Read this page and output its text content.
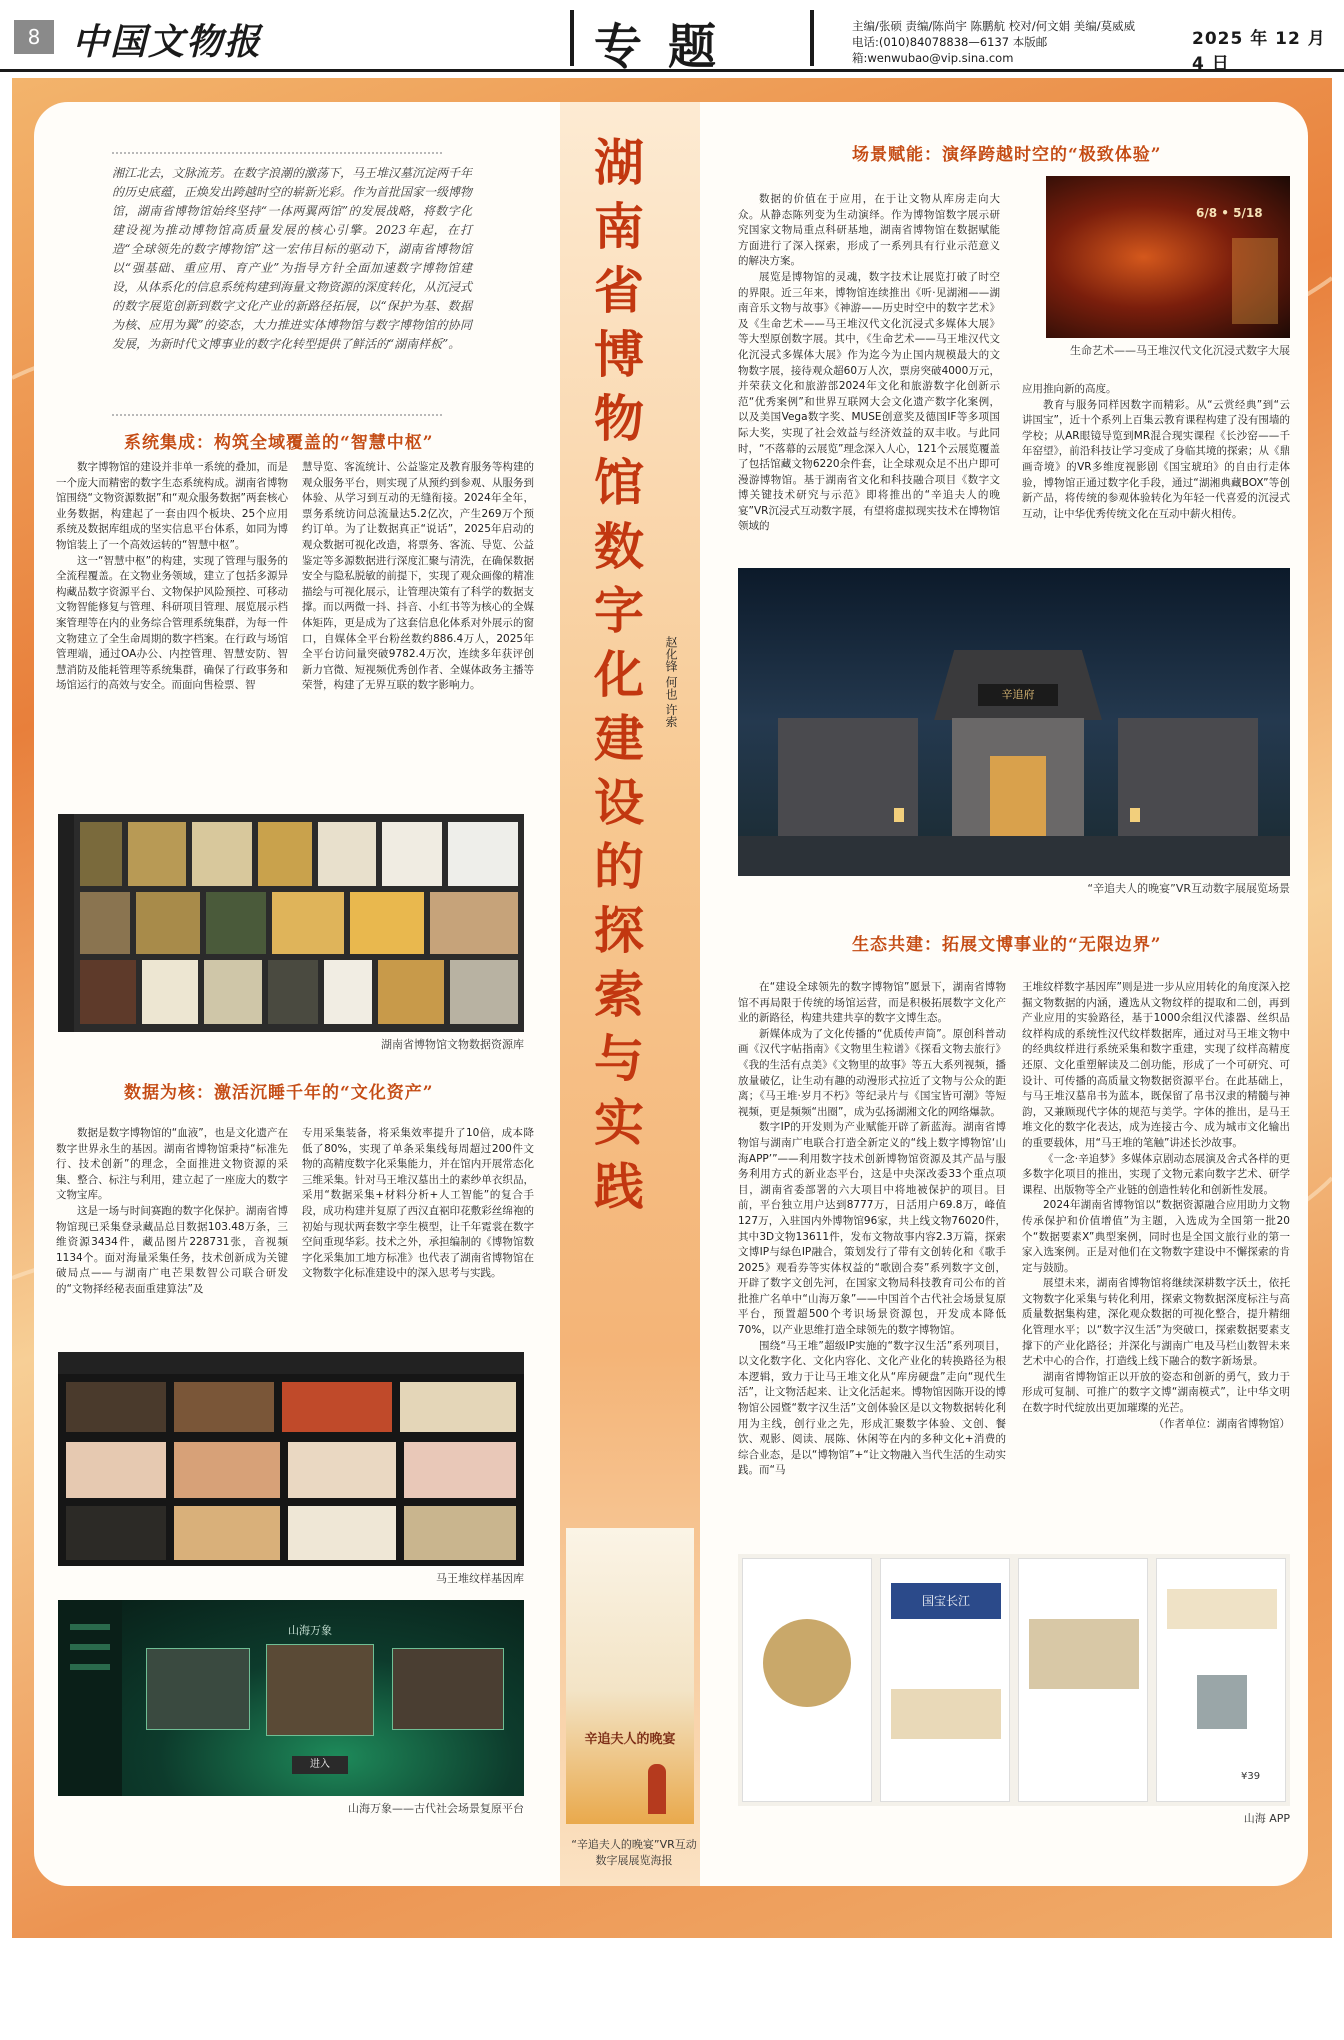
8 中国文物报	专题	主编/张硕 责编/陈尚宇 陈鹏航 校对/何文娟 美编/莫威威
电话:(010)84078838—6137 本版邮箱:wenwubao@vip.sina.com
2025 年 12 月 4 日
湖南省博物馆数字化建设的探索与实践	赵化锋 何也 许索
湘江北去，文脉流芳。在数字浪潮的激荡下，马王堆汉墓沉淀两千年的历史底蕴，正焕发出跨越时空的崭新光彩。作为首批国家一级博物馆，湖南省博物馆始终坚持“一体两翼两馆”的发展战略，将数字化建设视为推动博物馆高质量发展的核心引擎。2023年起，在打造“全球领先的数字博物馆”这一宏伟目标的驱动下，湖南省博物馆以“强基础、重应用、育产业”为指导方针全面加速数字博物馆建设，从体系化的信息系统构建到海量文物资源的深度转化，从沉浸式的数字展览创新到数字文化产业的新路径拓展，以“保护为基、数据为核、应用为翼”的姿态，大力推进实体博物馆与数字博物馆的协同发展，为新时代文博事业的数字化转型提供了鲜活的“湖南样板”。
系统集成：构筑全域覆盖的“智慧中枢”

数字博物馆的建设并非单一系统的叠加，而是一个庞大而精密的数字生态系统构成。湖南省博物馆围绕“文物资源数据”和“观众服务数据”两套核心业务数据，构建起了一套由四个板块、25个应用系统及数据库组成的坚实信息平台体系，如同为博物馆装上了一个高效运转的“智慧中枢”。

这一“智慧中枢”的构建，实现了管理与服务的全流程覆盖。在文物业务领域，建立了包括多源异构藏品数字资源平台、文物保护风险预控、可移动文物智能修复与管理、科研项目管理、展览展示档案管理等在内的业务综合管理系统集群，为每一件文物建立了全生命周期的数字档案。在行政与场馆管理端，通过OA办公、内控管理、智慧安防、智慧消防及能耗管理等系统集群，确保了行政事务和场馆运行的高效与安全。而面向售检票、智

慧导览、客流统计、公益鉴定及教育服务等构建的观众服务平台，则实现了从预约到参观、从服务到体验、从学习到互动的无缝衔接。2024年全年，票务系统访问总流量达5.2亿次，产生269万个预约订单。为了让数据真正“说话”，2025年启动的观众数据可视化改造，将票务、客流、导览、公益鉴定等多源数据进行深度汇聚与清洗，在确保数据安全与隐私脱敏的前提下，实现了观众画像的精准描绘与可视化展示，让管理决策有了科学的数据支撑。而以两微一抖、抖音、小红书等为核心的全媒体矩阵，更是成为了这套信息化体系对外展示的窗口，自媒体全平台粉丝数约886.4万人，2025年全平台访问量突破9782.4万次，连续多年获评创新力官微、短视频优秀创作者、全媒体政务主播等荣誉，构建了无界互联的数字影响力。

湖南省博物馆文物数据资源库
数据为核：激活沉睡千年的“文化资产”

数据是数字博物馆的“血液”，也是文化遗产在数字世界永生的基因。湖南省博物馆秉持“标准先行、技术创新”的理念，全面推进文物资源的采集、整合、标注与利用，建立起了一座庞大的数字文物宝库。

这是一场与时间赛跑的数字化保护。湖南省博物馆现已采集登录藏品总目数据103.48万条，三维资源3434件，藏品图片228731张，音视频1134个。面对海量采集任务，技术创新成为关键破局点——与湖南广电芒果数智公司联合研发的“文物择经秘表面重建算法”及

专用采集装备，将采集效率提升了10倍，成本降低了80%，实现了单条采集线每周超过200件文物的高精度数字化采集能力，并在馆内开展常态化三维采集。针对马王堆汉墓出土的素纱单衣织品，采用“数据采集+材料分析+人工智能”的复合手段，成功构建并复原了西汉直裾印花敷彩丝绵袍的初始与现状两套数字孪生模型，让千年霓裳在数字空间重现华彩。技术之外，承担编制的《博物馆数字化采集加工地方标准》也代表了湖南省博物馆在文物数字化标准建设中的深入思考与实践。

马王堆纹样基因库
山海万象
进入
山海万象——古代社会场景复原平台
辛追夫人的晚宴
“辛追夫人的晚宴”VR互动数字展展览海报
场景赋能：演绎跨越时空的“极致体验”

数据的价值在于应用，在于让文物从库房走向大众。从静态陈列变为生动演绎。作为博物馆数字展示研究国家文物局重点科研基地，湖南省博物馆在数据赋能方面进行了深入探索，形成了一系列具有行业示范意义的解决方案。

展览是博物馆的灵魂，数字技术让展览打破了时空的界限。近三年来，博物馆连续推出《听·见湖湘——湖南音乐文物与故事》《神游——历史时空中的数字艺术》及《生命艺术——马王堆汉代文化沉浸式多媒体大展》等大型原创数字展。其中，《生命艺术——马王堆汉代文化沉浸式多媒体大展》作为迄今为止国内规模最大的文物数字展，接待观众超60万人次，票房突破4000万元，并荣获文化和旅游部2024年文化和旅游数字化创新示范“优秀案例”和世界互联网大会文化遗产数字化案例，以及美国Vega数字奖、MUSE创意奖及德国IF等多项国际大奖，实现了社会效益与经济效益的双丰收。与此同时，“不落幕的云展览”理念深入人心，121个云展览覆盖了包括馆藏文物6220余件套，让全球观众足不出户即可漫游博物馆。基于湖南省文化和科技融合项目《数字文博关键技术研究与示范》即将推出的“辛追夫人的晚宴”VR沉浸式互动数字展，有望将虚拟现实技术在博物馆领域的

6/8 • 5/18
生命艺术——马王堆汉代文化沉浸式数字大展

应用推向新的高度。

教育与服务同样因数字而精彩。从“云赏经典”到“云讲国宝”，近十个系列上百集云教育课程构建了没有围墙的学校；从AR眼镜导览到MR混合现实课程《长沙窑——千年窑望》，前沿科技让学习变成了身临其境的探索；从《鼎画奇境》的VR多维度视影剧《国宝琥珀》的自由行走体验，博物馆正通过数字化手段，通过“湖湘典藏BOX”等创新产品，将传统的参观体验转化为年轻一代喜爱的沉浸式互动，让中华优秀传统文化在互动中薪火相传。

辛追府
“辛追夫人的晚宴”VR互动数字展展览场景
生态共建：拓展文博事业的“无限边界”

在“建设全球领先的数字博物馆”愿景下，湖南省博物馆不再局限于传统的场馆运营，而是积极拓展数字文化产业的新路径，构建共建共享的数字文博生态。

新媒体成为了文化传播的“优质传声筒”。原创科普动画《汉代字帖指南》《文物里生粒谱》《探看文物去旅行》《我的生活有点美》《文物里的故事》等五大系列视频，播放量破亿，让生动有趣的动漫形式拉近了文物与公众的距离；《马王堆·岁月不朽》等纪录片与《国宝皆可潮》等短视频，更是频频“出圈”，成为弘扬湖湘文化的网络爆款。

数字IP的开发则为产业赋能开辟了新蓝海。湖南省博物馆与湖南广电联合打造全新定义的“线上数字博物馆‘山海APP’”——利用数字技术创新博物馆资源及其产品与服务利用方式的新业态平台，这是中央深改委33个重点项目，湖南省委部署的六大项目中将地被保护的项目。目前，平台独立用户达到8777万，日活用户69.8万，峰值127万，入驻国内外博物馆96家，共上线文物76020件，其中3D文物13611件，发布文物故事内容2.3万篇，探索文博IP与绿色IP融合，策划发行了带有文创转化和《歌手2025》观看券等实体权益的“歌剧合奏”系列数字文创，开辟了数字文创先河，在国家文物局科技教育司公布的首批推广名单中“山海万象”——中国首个古代社会场景复原平台，预置超500个考识场景资源包，开发成本降低70%，以产业思维打造全球领先的数字博物馆。

围绕“马王堆”超级IP实施的“数字汉生活”系列项目，以文化数字化、文化内容化、文化产业化的转换路径为根本逻辑，致力于让马王堆文化从“库房硬盘”走向“现代生活”，让文物活起来、让文化活起来。博物馆因陈开设的博物馆公园暨“数字汉生活”文创体验区是以文物数据转化利用为主线，创行业之先，形成汇聚数字体验、文创、餐饮、观影、阅读、展陈、休闲等在内的多种文化+消费的综合业态，是以“博物馆”+“让文物融入当代生活的生动实践。而“马

王堆纹样数字基因库”则是进一步从应用转化的角度深入挖掘文物数据的内涵，遴选从文物纹样的提取和二创，再到产业应用的实验路径，基于1000余组汉代漆器、丝织品纹样构成的系统性汉代纹样数据库，通过对马王堆文物中的经典纹样进行系统采集和数字重建，实现了纹样高精度还原、文化重塑解读及二创功能，形成了一个可研究、可设计、可传播的高质量文物数据资源平台。在此基础上，与马王堆汉墓帛书为蓝本，既保留了帛书汉隶的精髓与神韵，又兼顾现代字体的规范与美学。字体的推出，是马王堆文化的数字化表达，成为连接古今、成为城市文化输出的重要载体，用“马王堆的笔触”讲述长沙故事。

《一念·辛追梦》多媒体京剧动态展演及舍式各样的更多数字化项目的推出，实现了文物元素向数字艺术、研学课程、出版物等全产业链的创造性转化和创新性发展。

2024年湖南省博物馆以“数据资源融合应用助力文物传承保护和价值增值”为主题，入选成为全国第一批20个“数据要素X”典型案例，同时也是全国文旅行业的第一家入选案例。正是对他们在文物数字建设中不懈探索的肯定与鼓励。

展望未来，湖南省博物馆将继续深耕数字沃土，依托文物数字化采集与转化利用，探索文物数据深度标注与高质量数据集构建，深化观众数据的可视化整合，提升精细化管理水平；以“数字汉生活”为突破口，探索数据要素支撑下的产业化路径；并深化与湖南广电及马栏山数智未来艺术中心的合作，打造线上线下融合的数字新场景。

湖南省博物馆正以开放的姿态和创新的勇气，致力于形成可复制、可推广的数字文博“湖南模式”，让中华文明在数字时代绽放出更加璀璨的光芒。

（作者单位：湖南省博物馆）

国宝长江
¥39
山海 APP
